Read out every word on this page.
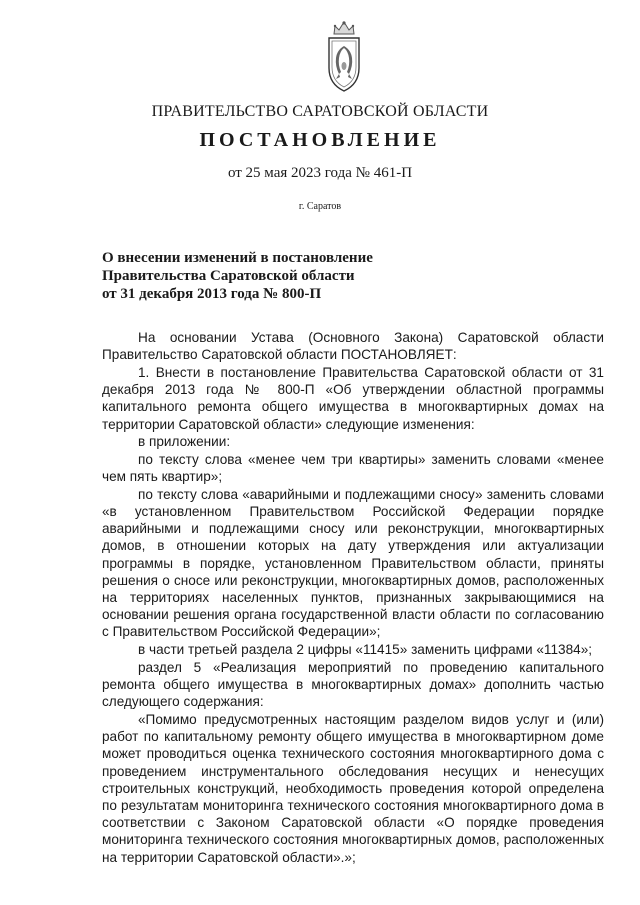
ПРАВИТЕЛЬСТВО САРАТОВСКОЙ ОБЛАСТИ
ПОСТАНОВЛЕНИЕ
от 25 мая 2023 года № 461-П
г. Саратов
О внесении изменений в постановление
Правительства Саратовской области
от 31 декабря 2013 года № 800-П

На основании Устава (Основного Закона) Саратовской области Правительство Саратовской области ПОСТАНОВЛЯЕТ:

1. Внести в постановление Правительства Саратовской области от 31 декабря 2013 года № 800-П «Об утверждении областной программы капитального ремонта общего имущества в многоквартирных домах на территории Саратовской области» следующие изменения:

в приложении:

по тексту слова «менее чем три квартиры» заменить словами «менее чем пять квартир»;

по тексту слова «аварийными и подлежащими сносу» заменить словами «в установленном Правительством Российской Федерации порядке аварийными и подлежащими сносу или реконструкции, многоквартирных домов, в отношении которых на дату утверждения или актуализации программы в порядке, установленном Правительством области, приняты решения о сносе или реконструкции, многоквартирных домов, расположенных на территориях населенных пунктов, признанных закрывающимися на основании решения органа государственной власти области по согласованию с Правительством Российской Федерации»;

в части третьей раздела 2 цифры «11415» заменить цифрами «11384»;

раздел 5 «Реализация мероприятий по проведению капитального ремонта общего имущества в многоквартирных домах» дополнить частью следующего содержания:

«Помимо предусмотренных настоящим разделом видов услуг и (или) работ по капитальному ремонту общего имущества в многоквартирном доме может проводиться оценка технического состояния многоквартирного дома с проведением инструментального обследования несущих и ненесущих строительных конструкций, необходимость проведения которой определена по результатам мониторинга технического состояния многоквартирного дома в соответствии с Законом Саратовской области «О порядке проведения мониторинга технического состояния многоквартирных домов, расположенных на территории Саратовской области».»;
